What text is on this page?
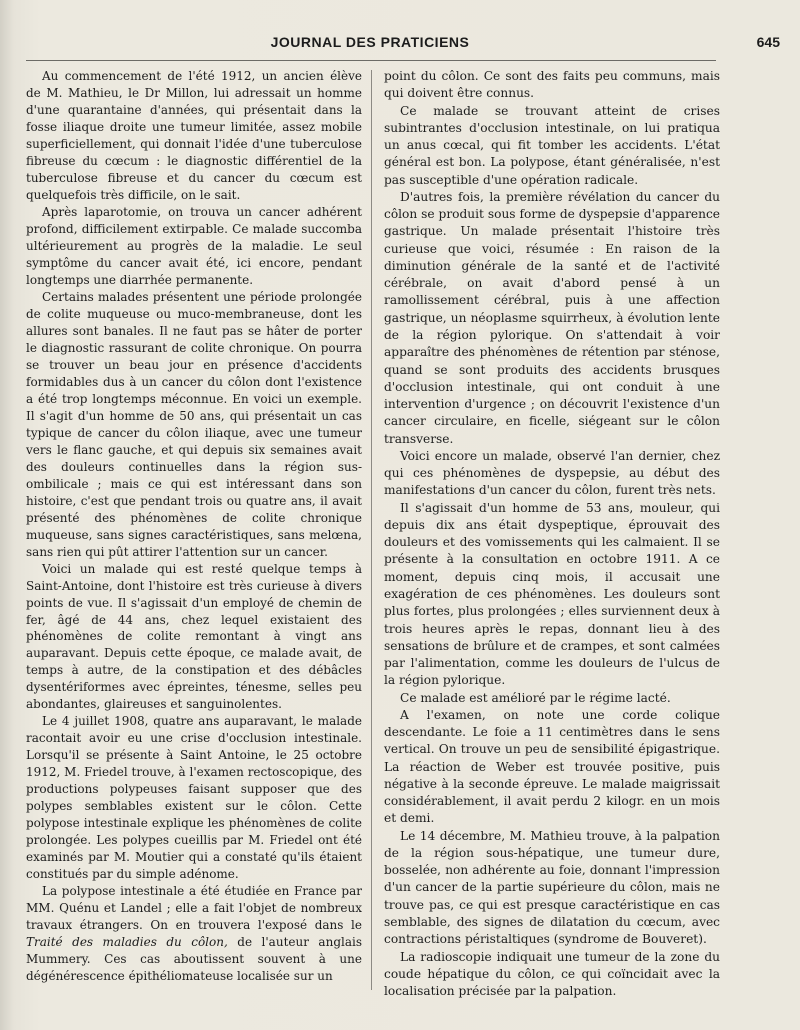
JOURNAL DES PRATICIENS	645

Au commencement de l'été 1912, un ancien élève de M. Mathieu, le Dr Millon, lui adressait un homme d'une quarantaine d'années, qui présentait dans la fosse iliaque droite une tumeur limitée, assez mobile superficiellement, qui donnait l'idée d'une tuberculose fibreuse du cœcum : le diagnostic différentiel de la tuberculose fibreuse et du cancer du cœcum est quelquefois très difficile, on le sait.

Après laparotomie, on trouva un cancer adhérent profond, difficilement extirpable. Ce malade succomba ultérieurement au progrès de la maladie. Le seul symptôme du cancer avait été, ici encore, pendant longtemps une diarrhée permanente.

Certains malades présentent une période prolongée de colite muqueuse ou muco-membraneuse, dont les allures sont banales. Il ne faut pas se hâter de porter le diagnostic rassurant de colite chronique. On pourra se trouver un beau jour en présence d'accidents formidables dus à un cancer du côlon dont l'existence a été trop longtemps méconnue. En voici un exemple. Il s'agit d'un homme de 50 ans, qui présentait un cas typique de cancer du côlon iliaque, avec une tumeur vers le flanc gauche, et qui depuis six semaines avait des douleurs continuelles dans la région sus-ombilicale ; mais ce qui est intéressant dans son histoire, c'est que pendant trois ou quatre ans, il avait présenté des phénomènes de colite chronique muqueuse, sans signes caractéristiques, sans melœna, sans rien qui pût attirer l'attention sur un cancer.

Voici un malade qui est resté quelque temps à Saint-Antoine, dont l'histoire est très curieuse à divers points de vue. Il s'agissait d'un employé de chemin de fer, âgé de 44 ans, chez lequel existaient des phénomènes de colite remontant à vingt ans auparavant. Depuis cette époque, ce malade avait, de temps à autre, de la constipation et des débâcles dysentériformes avec épreintes, ténesme, selles peu abondantes, glaireuses et sanguinolentes.

Le 4 juillet 1908, quatre ans auparavant, le malade racontait avoir eu une crise d'occlusion intestinale. Lorsqu'il se présente à Saint Antoine, le 25 octobre 1912, M. Friedel trouve, à l'examen rectoscopique, des productions polypeuses faisant supposer que des polypes semblables existent sur le côlon. Cette polypose intestinale explique les phénomènes de colite prolongée. Les polypes cueillis par M. Friedel ont été examinés par M. Moutier qui a constaté qu'ils étaient constitués par du simple adénome.

La polypose intestinale a été étudiée en France par MM. Quénu et Landel ; elle a fait l'objet de nombreux travaux étrangers. On en trouvera l'exposé dans le Traité des maladies du côlon, de l'auteur anglais Mummery. Ces cas aboutissent souvent à une dégénérescence épithéliomateuse localisée sur un

point du côlon. Ce sont des faits peu communs, mais qui doivent être connus.

Ce malade se trouvant atteint de crises subintrantes d'occlusion intestinale, on lui pratiqua un anus cœcal, qui fit tomber les accidents. L'état général est bon. La polypose, étant généralisée, n'est pas susceptible d'une opération radicale.

D'autres fois, la première révélation du cancer du côlon se produit sous forme de dyspepsie d'apparence gastrique. Un malade présentait l'histoire très curieuse que voici, résumée : En raison de la diminution générale de la santé et de l'activité cérébrale, on avait d'abord pensé à un ramollissement cérébral, puis à une affection gastrique, un néoplasme squirrheux, à évolution lente de la région pylorique. On s'attendait à voir apparaître des phénomènes de rétention par sténose, quand se sont produits des accidents brusques d'occlusion intestinale, qui ont conduit à une intervention d'urgence ; on découvrit l'existence d'un cancer circulaire, en ficelle, siégeant sur le côlon transverse.

Voici encore un malade, observé l'an dernier, chez qui ces phénomènes de dyspepsie, au début des manifestations d'un cancer du côlon, furent très nets.

Il s'agissait d'un homme de 53 ans, mouleur, qui depuis dix ans était dyspeptique, éprouvait des douleurs et des vomissements qui les calmaient. Il se présente à la consultation en octobre 1911. A ce moment, depuis cinq mois, il accusait une exagération de ces phénomènes. Les douleurs sont plus fortes, plus prolongées ; elles surviennent deux à trois heures après le repas, donnant lieu à des sensations de brûlure et de crampes, et sont calmées par l'alimentation, comme les douleurs de l'ulcus de la région pylorique.

Ce malade est amélioré par le régime lacté.

A l'examen, on note une corde colique descendante. Le foie a 11 centimètres dans le sens vertical. On trouve un peu de sensibilité épigastrique. La réaction de Weber est trouvée positive, puis négative à la seconde épreuve. Le malade maigrissait considérablement, il avait perdu 2 kilogr. en un mois et demi.

Le 14 décembre, M. Mathieu trouve, à la palpation de la région sous-hépatique, une tumeur dure, bosselée, non adhérente au foie, donnant l'impression d'un cancer de la partie supérieure du côlon, mais ne trouve pas, ce qui est presque caractéristique en cas semblable, des signes de dilatation du cœcum, avec contractions péristaltiques (syndrome de Bouveret).

La radioscopie indiquait une tumeur de la zone du coude hépatique du côlon, ce qui coïncidait avec la localisation précisée par la palpation.
